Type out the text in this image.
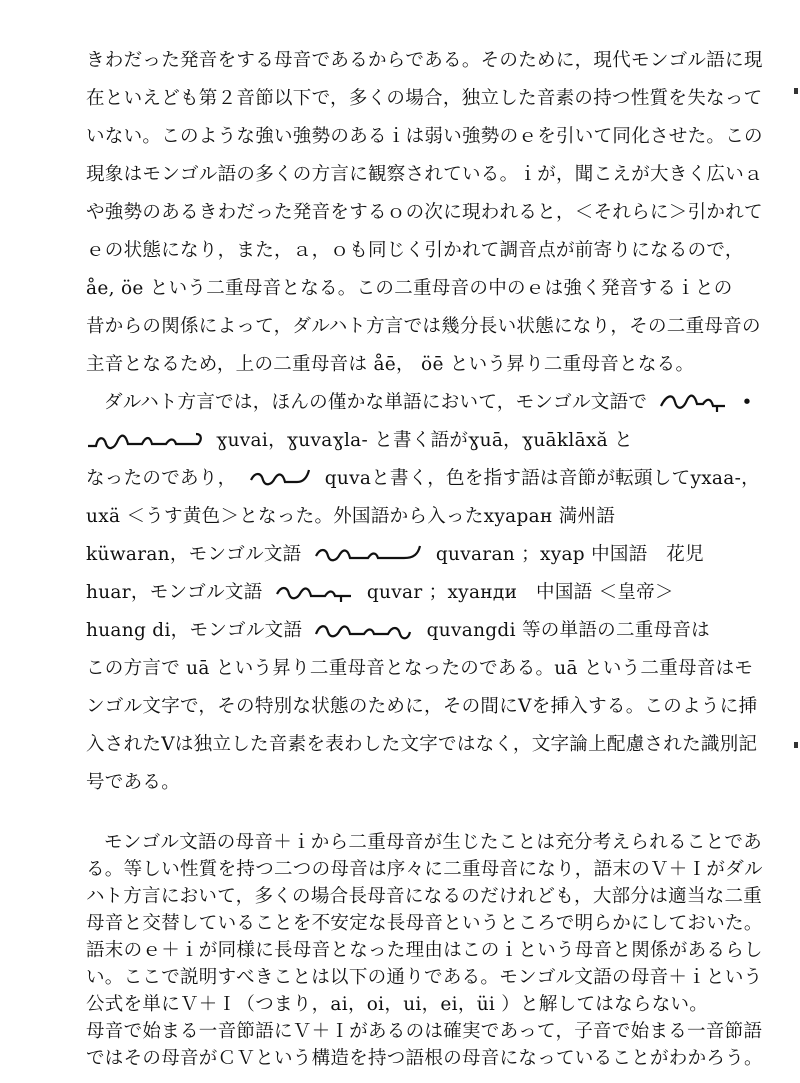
きわだった発音をする母音であるからである。そのために，現代モンゴル語に現
在といえども第２音節以下で，多くの場合，独立した音素の持つ性質を失なって
いない。このような強い強勢のあるｉは弱い強勢のｅを引いて同化させた。この
現象はモンゴル語の多くの方言に観察されている。ｉが，聞こえが大きく広いａ
や強勢のあるきわだった発音をするｏの次に現われると，＜それらに＞引かれて
ｅの状態になり，また，ａ，ｏも同じく引かれて調音点が前寄りになるので，
åe, öe という二重母音となる。この二重母音の中のｅは強く発音するｉとの
昔からの関係によって，ダルハト方言では幾分長い状態になり，その二重母音の
主音となるため，上の二重母音は åē， öē という昇り二重母音となる。
ダルハト方言では，ほんの僅かな単語において，モンゴル文語で	•
ɣuvai，ɣuvaɣla- と書く語がɣuā，ɣuāklāxă と
なったのであり，	quvaと書く，色を指す語は音節が転頭してyxaa-，
uxä ＜うす黄色＞となった。外国語から入ったxyapaн 満州語
küwaran，モンゴル文語	quvaran ；xyap 中国語　花児
huar，モンゴル文語	quvar ；xyaнди　中国語 ＜皇帝＞
huang di，モンゴル文語	quvangdi 等の単語の二重母音は
この方言で uā という昇り二重母音となったのである。uā という二重母音はモ
ンゴル文字で，その特別な状態のために，その間にVを挿入する。このように挿
入されたVは独立した音素を表わした文字ではなく，文字論上配慮された識別記
号である。
モンゴル文語の母音＋ｉから二重母音が生じたことは充分考えられることであ
る。等しい性質を持つ二つの母音は序々に二重母音になり，語末のＶ＋Ｉがダル
ハト方言において，多くの場合長母音になるのだけれども，大部分は適当な二重
母音と交替していることを不安定な長母音というところで明らかにしておいた。
語末のｅ＋ｉが同様に長母音となった理由はこのｉという母音と関係があるらし
い。ここで説明すべきことは以下の通りである。モンゴル文語の母音＋ｉという
公式を単にＶ＋Ｉ（つまり，ai，oi，ui，ei，üi ）と解してはならない。
母音で始まる一音節語にＶ＋Ｉがあるのは確実であって，子音で始まる一音節語
ではその母音がＣＶという構造を持つ語根の母音になっていることがわかろう。
